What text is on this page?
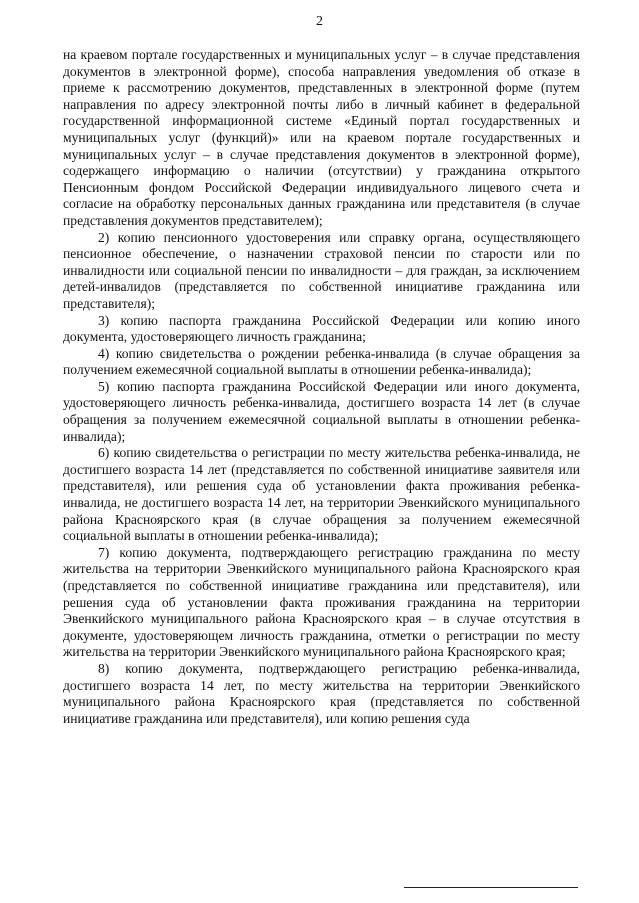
2

на краевом портале государственных и муниципальных услуг – в случае представления документов в электронной форме), способа направления уведомления об отказе в приеме к рассмотрению документов, представленных в электронной форме (путем направления по адресу электронной почты либо в личный кабинет в федеральной государственной информационной системе «Единый портал государственных и муниципальных услуг (функций)» или на краевом портале государственных и муниципальных услуг – в случае представления документов в электронной форме), содержащего информацию о наличии (отсутствии) у гражданина открытого Пенсионным фондом Российской Федерации индивидуального лицевого счета и согласие на обработку персональных данных гражданина или представителя (в случае представления документов представителем);

2) копию пенсионного удостоверения или справку органа, осуществляющего пенсионное обеспечение, о назначении страховой пенсии по старости или по инвалидности или социальной пенсии по инвалидности – для граждан, за исключением детей-инвалидов (представляется по собственной инициативе гражданина или представителя);

3) копию паспорта гражданина Российской Федерации или копию иного документа, удостоверяющего личность гражданина;

4) копию свидетельства о рождении ребенка-инвалида (в случае обращения за получением ежемесячной социальной выплаты в отношении ребенка-инвалида);

5) копию паспорта гражданина Российской Федерации или иного документа, удостоверяющего личность ребенка-инвалида, достигшего возраста 14 лет (в случае обращения за получением ежемесячной социальной выплаты в отношении ребенка-инвалида);

6) копию свидетельства о регистрации по месту жительства ребенка-инвалида, не достигшего возраста 14 лет (представляется по собственной инициативе заявителя или представителя), или решения суда об установлении факта проживания ребенка-инвалида, не достигшего возраста 14 лет, на территории Эвенкийского муниципального района Красноярского края (в случае обращения за получением ежемесячной социальной выплаты в отношении ребенка-инвалида);

7) копию документа, подтверждающего регистрацию гражданина по месту жительства на территории Эвенкийского муниципального района Красноярского края (представляется по собственной инициативе гражданина или представителя), или решения суда об установлении факта проживания гражданина на территории Эвенкийского муниципального района Красноярского края – в случае отсутствия в документе, удостоверяющем личность гражданина, отметки о регистрации по месту жительства на территории Эвенкийского муниципального района Красноярского края;

8) копию документа, подтверждающего регистрацию ребенка-инвалида, достигшего возраста 14 лет, по месту жительства на территории Эвенкийского муниципального района Красноярского края (представляется по собственной инициативе гражданина или представителя), или копию решения суда
